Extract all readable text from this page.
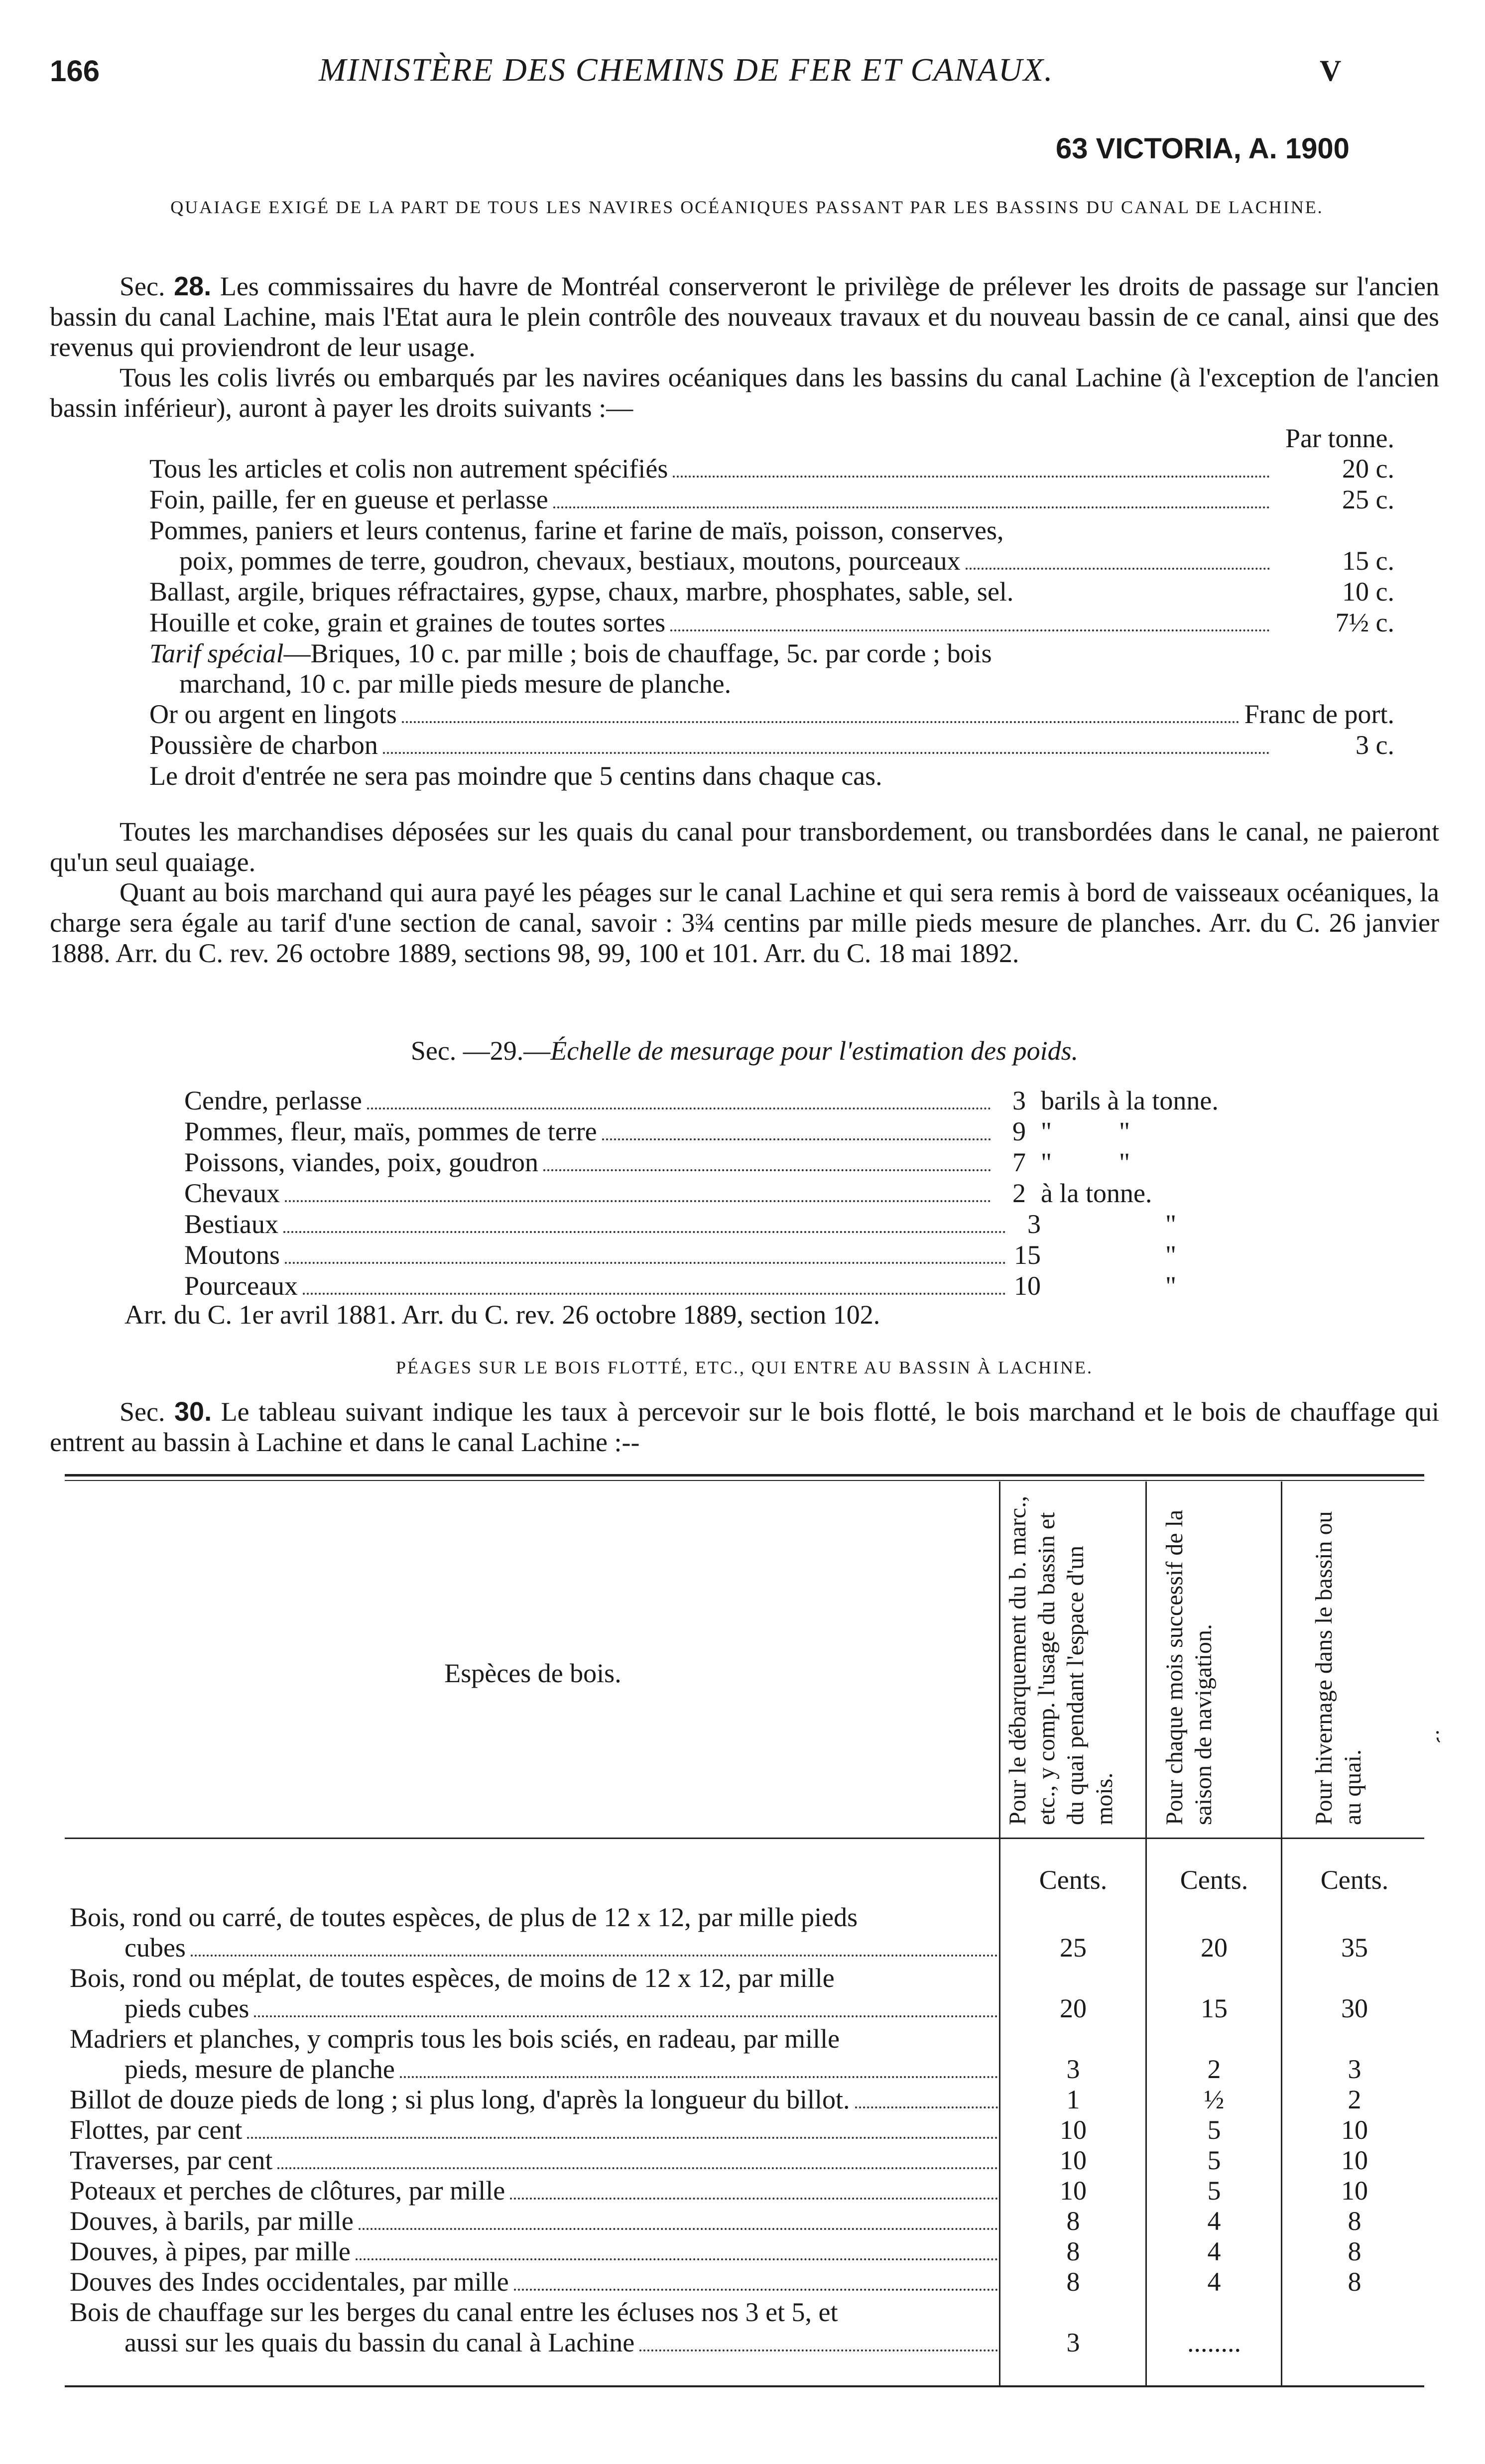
166	MINISTÈRE DES CHEMINS DE FER ET CANAUX.	V
63 VICTORIA, A. 1900
QUAIAGE EXIGÉ DE LA PART DE TOUS LES NAVIRES OCÉANIQUES PASSANT PAR LES BASSINS DU CANAL DE LACHINE.

Sec. 28. Les commissaires du havre de Montréal conserveront le privilège de prélever les droits de passage sur l'ancien bassin du canal Lachine, mais l'Etat aura le plein contrôle des nouveaux travaux et du nouveau bassin de ce canal, ainsi que des revenus qui proviendront de leur usage.

Tous les colis livrés ou embarqués par les navires océaniques dans les bassins du canal Lachine (à l'exception de l'ancien bassin inférieur), auront à payer les droits suivants :—

Par tonne.
Tous les articles et colis non autrement spécifiés	20 c.
Foin, paille, fer en gueuse et perlasse	25 c.
Pommes, paniers et leurs contenus, farine et farine de maïs, poisson, conserves,
poix, pommes de terre, goudron, chevaux, bestiaux, moutons, pourceaux	15 c.
Ballast, argile, briques réfractaires, gypse, chaux, marbre, phosphates, sable, sel.	10 c.
Houille et coke, grain et graines de toutes sortes	7½ c.
Tarif spécial—Briques, 10 c. par mille ; bois de chauffage, 5c. par corde ; bois
marchand, 10 c. par mille pieds mesure de planche.
Or ou argent en lingots	Franc de port.
Poussière de charbon	3 c.
Le droit d'entrée ne sera pas moindre que 5 centins dans chaque cas.

Toutes les marchandises déposées sur les quais du canal pour transbordement, ou transbordées dans le canal, ne paieront qu'un seul quaiage.

Quant au bois marchand qui aura payé les péages sur le canal Lachine et qui sera remis à bord de vaisseaux océaniques, la charge sera égale au tarif d'une section de canal, savoir : 3¾ centins par mille pieds mesure de planches. Arr. du C. 26 janvier 1888. Arr. du C. rev. 26 octobre 1889, sections 98, 99, 100 et 101. Arr. du C. 18 mai 1892.

Sec. —29.—Échelle de mesurage pour l'estimation des poids.
Cendre, perlasse	3 barils à la tonne.
Pommes, fleur, maïs, pommes de terre	9 "          "
Poissons, viandes, poix, goudron	7 "          "
Chevaux	2 à la tonne.
Bestiaux	3	"
Moutons	15	"
Pourceaux	10	"
Arr. du C. 1er avril 1881. Arr. du C. rev. 26 octobre 1889, section 102.
PÉAGES SUR LE BOIS FLOTTÉ, ETC., QUI ENTRE AU BASSIN À LACHINE.

Sec. 30. Le tableau suivant indique les taux à percevoir sur le bois flotté, le bois marchand et le bois de chauffage qui entrent au bassin à Lachine et dans le canal Lachine :--

Espèces de bois.	Pour le débarquement du b. marc., etc., y comp. l'usage du bassin et du quai pendant l'espace d'un mois.	Pour chaque mois successif de la saison de navigation.	Pour hivernage dans le bassin ou au quai.
Cents.	Cents.	Cents.
Bois, rond ou carré, de toutes espèces, de plus de 12 x 12, par mille pieds
cubes	25	20	35
Bois, rond ou méplat, de toutes espèces, de moins de 12 x 12, par mille
pieds cubes	20	15	30
Madriers et planches, y compris tous les bois sciés, en radeau, par mille
pieds, mesure de planche	3	2	3
Billot de douze pieds de long ; si plus long, d'après la longueur du billot.	1	½	2
Flottes, par cent	10	5	10
Traverses, par cent	10	5	10
Poteaux et perches de clôtures, par mille	10	5	10
Douves, à barils, par mille	8	4	8
Douves, à pipes, par mille	8	4	8
Douves des Indes occidentales, par mille	8	4	8
Bois de chauffage sur les berges du canal entre les écluses nos 3 et 5, et
aussi sur les quais du bassin du canal à Lachine	3	........
⁏
